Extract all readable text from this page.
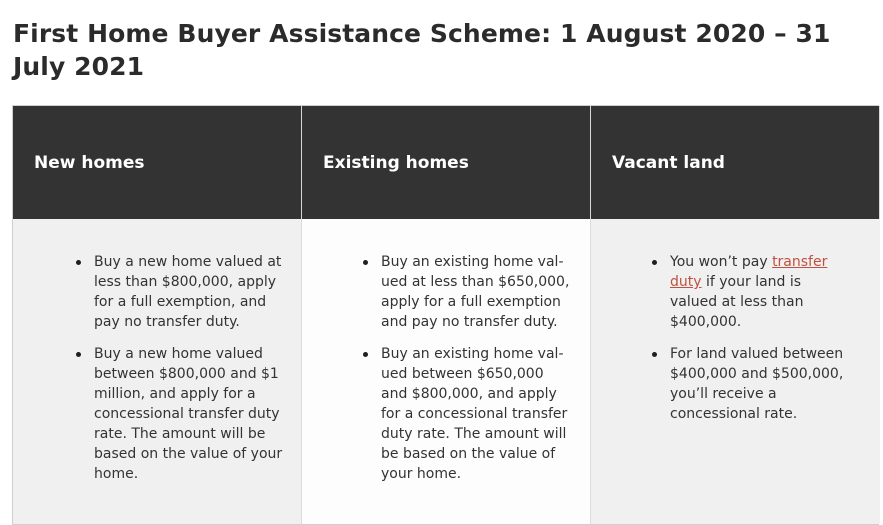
First Home Buyer Assistance Scheme: 1 August 2020 – 31 July 2021
New homes	Existing homes	Vacant land
Buy a new home valued at less than $800,000, apply for a full exemption, and pay no transfer duty.
Buy a new home valued between $800,000 and $1 million, and apply for a concessional transfer duty rate. The amount will be based on the value of your home.
Buy an existing home valued at less than $650,000, apply for a full exemption and pay no transfer duty.
Buy an existing home valued between $650,000 and $800,000, and apply for a concessional transfer duty rate. The amount will be based on the value of your home.
You won’t pay transfer duty if your land is valued at less than $400,000.
For land valued between $400,000 and $500,000, you’ll receive a concessional rate.
